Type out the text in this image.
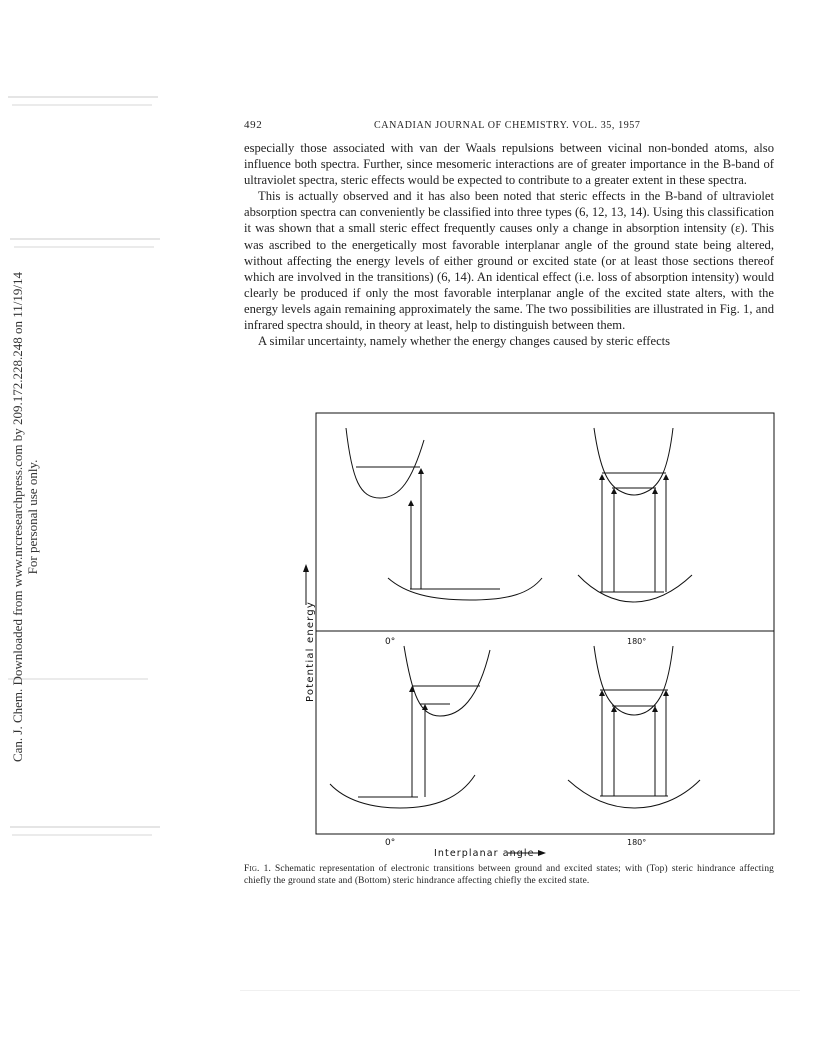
Can. J. Chem. Downloaded from www.nrcresearchpress.com by 209.172.228.248 on 11/19/14 For personal use only.
492	CANADIAN JOURNAL OF CHEMISTRY. VOL. 35, 1957

especially those associated with van der Waals repulsions between vicinal non-bonded atoms, also influence both spectra. Further, since mesomeric interactions are of greater importance in the B-band of ultraviolet spectra, steric effects would be expected to contribute to a greater extent in these spectra.

This is actually observed and it has also been noted that steric effects in the B-band of ultraviolet absorption spectra can conveniently be classified into three types (6, 12, 13, 14). Using this classification it was shown that a small steric effect frequently causes only a change in absorption intensity (ε). This was ascribed to the energetically most favorable interplanar angle of the ground state being altered, without affecting the energy levels of either ground or excited state (or at least those sections thereof which are involved in the transitions) (6, 14). An identical effect (i.e. loss of absorption intensity) would clearly be produced if only the most favorable interplanar angle of the excited state alters, with the energy levels again remaining approximately the same. The two possibilities are illustrated in Fig. 1, and infrared spectra should, in theory at least, help to distinguish between them.

A similar uncertainty, namely whether the energy changes caused by steric effects

Potential energy
Interplanar angle
0°	180°
0°	180°
Fig. 1. Schematic representation of electronic transitions between ground and excited states; with (Top) steric hindrance affecting chiefly the ground state and (Bottom) steric hindrance affecting chiefly the excited state.
